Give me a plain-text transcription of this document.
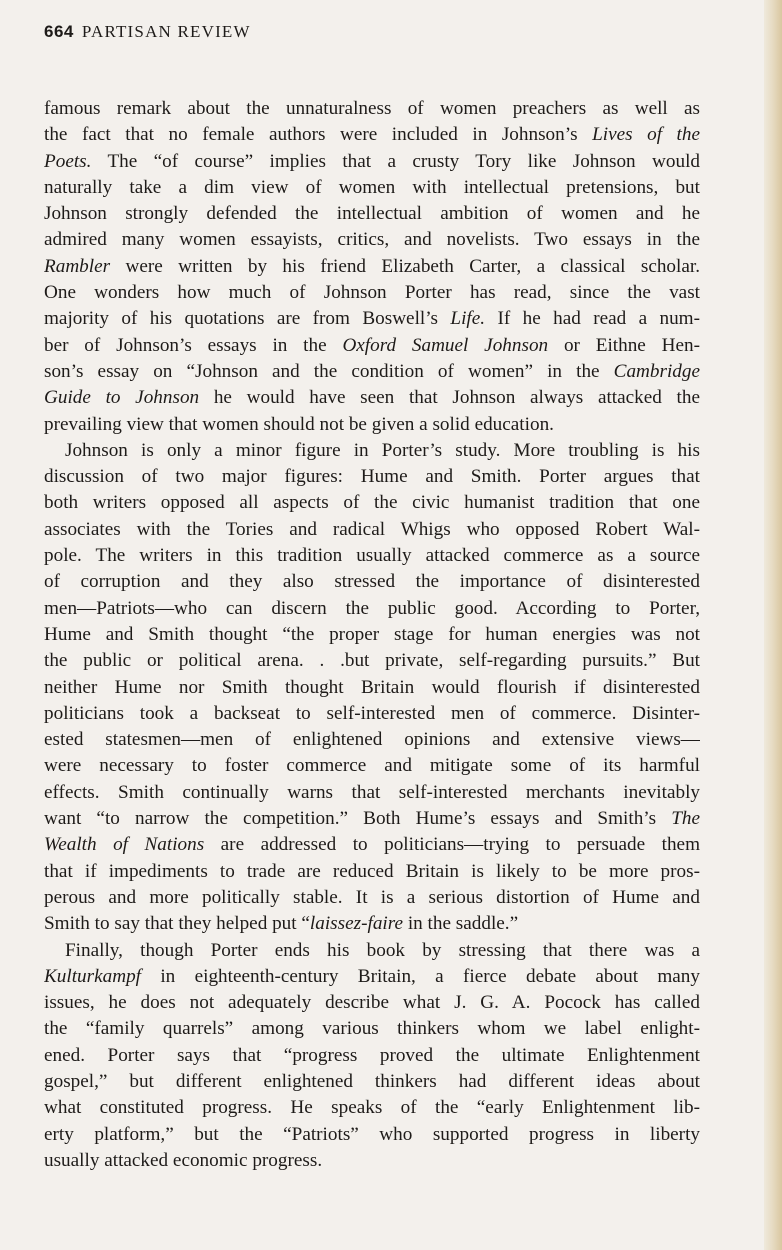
664 PARTISAN REVIEW
famous remark about the unnaturalness of women preachers as well as
the fact that no female authors were included in Johnson’s Lives of the
Poets. The “of course” implies that a crusty Tory like Johnson would
naturally take a dim view of women with intellectual pretensions, but
Johnson strongly defended the intellectual ambition of women and he
admired many women essayists, critics, and novelists. Two essays in the
Rambler were written by his friend Elizabeth Carter, a classical scholar.
One wonders how much of Johnson Porter has read, since the vast
majority of his quotations are from Boswell’s Life. If he had read a num-
ber of Johnson’s essays in the Oxford Samuel Johnson or Eithne Hen-
son’s essay on “Johnson and the condition of women” in the Cambridge
Guide to Johnson he would have seen that Johnson always attacked the
prevailing view that women should not be given a solid education.
Johnson is only a minor figure in Porter’s study. More troubling is his
discussion of two major figures: Hume and Smith. Porter argues that
both writers opposed all aspects of the civic humanist tradition that one
associates with the Tories and radical Whigs who opposed Robert Wal-
pole. The writers in this tradition usually attacked commerce as a source
of corruption and they also stressed the importance of disinterested
men—Patriots—who can discern the public good. According to Porter,
Hume and Smith thought “the proper stage for human energies was not
the public or political arena. . .but private, self-regarding pursuits.” But
neither Hume nor Smith thought Britain would flourish if disinterested
politicians took a backseat to self-interested men of commerce. Disinter-
ested statesmen—men of enlightened opinions and extensive views—
were necessary to foster commerce and mitigate some of its harmful
effects. Smith continually warns that self-interested merchants inevitably
want “to narrow the competition.” Both Hume’s essays and Smith’s The
Wealth of Nations are addressed to politicians—trying to persuade them
that if impediments to trade are reduced Britain is likely to be more pros-
perous and more politically stable. It is a serious distortion of Hume and
Smith to say that they helped put “laissez-faire in the saddle.”
Finally, though Porter ends his book by stressing that there was a
Kulturkampf in eighteenth-century Britain, a fierce debate about many
issues, he does not adequately describe what J. G. A. Pocock has called
the “family quarrels” among various thinkers whom we label enlight-
ened. Porter says that “progress proved the ultimate Enlightenment
gospel,” but different enlightened thinkers had different ideas about
what constituted progress. He speaks of the “early Enlightenment lib-
erty platform,” but the “Patriots” who supported progress in liberty
usually attacked economic progress.
